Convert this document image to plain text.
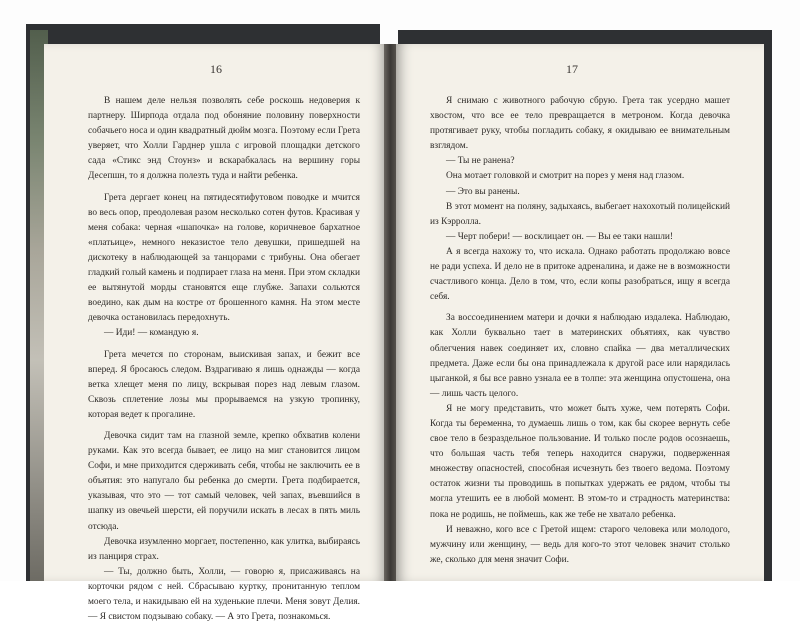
16

В нашем деле нельзя позволять себе роскошь недоверия к партнеру. Ширпода отдала под обоняние половину поверхности собачьего носа и один квадратный дюйм мозга. Поэтому если Грета уверяет, что Холли Гарднер ушла с игровой площадки детского сада «Стикс энд Стоунз» и вскарабкалась на вершину горы Десепшн, то я должна полезть туда и найти ребенка.

Грета дергает конец на пятидесятифутовом поводке и мчится во весь опор, преодолевая разом несколько сотен футов. Красивая у меня собака: черная «шапочка» на голове, коричневое бархатное «платьице», немного неказистое тело девушки, пришедшей на дискотеку в наблюдающей за танцорами с трибуны. Она обегает гладкий голый камень и подпирает глаза на меня. При этом складки ее вытянутой морды становятся еще глубже. Запахи сольются воедино, как дым на костре от брошенного камня. На этом месте девочка остановилась передохнуть.

— Иди! — командую я.

Грета мечется по сторонам, выискивая запах, и бежит все вперед. Я бросаюсь следом. Вздрагиваю я лишь однажды — когда ветка хлещет меня по лицу, вскрывая порез над левым глазом. Сквозь сплетение лозы мы прорываемся на узкую тропинку, которая ведет к прогалине.

Девочка сидит там на глазной земле, крепко обхватив колени руками. Как это всегда бывает, ее лицо на миг становится лицом Софи, и мне приходится сдерживать себя, чтобы не заключить ее в объятия: это напугало бы ребенка до смерти. Грета подбирается, указывая, что это — тот самый человек, чей запах, въевшийся в шапку из овечьей шерсти, ей поручили искать в лесах в пять миль отсюда.

Девочка изумленно моргает, постепенно, как улитка, выбираясь из панциря страх.

— Ты, должно быть, Холли, — говорю я, присаживаясь на корточки рядом с ней. Сбрасываю куртку, пронитанную теплом моего тела, и накидываю ей на худенькие плечи. Меня зовут Делия. — Я свистом подзываю собаку. — А это Грета, познакомься.

17

Я снимаю с животного рабочую сбрую. Грета так усердно машет хвостом, что все ее тело превращается в метроном. Когда девочка протягивает руку, чтобы погладить собаку, я окидываю ее внимательным взглядом.

— Ты не ранена?

Она мотает головкой и смотрит на порез у меня над глазом.

— Это вы ранены.

В этот момент на поляну, задыхаясь, выбегает нахохотый полицейский из Кэрролла.

— Черт побери! — восклицает он. — Вы ее таки нашли!

А я всегда нахожу то, что искала. Однако работать продолжаю вовсе не ради успеха. И дело не в притоке адреналина, и даже не в возможности счастливого конца. Дело в том, что, если копы разобраться, ищу я всегда себя.

За воссоединением матери и дочки я наблюдаю издалека. Наблюдаю, как Холли буквально тает в материнских объятиях, как чувство облегчения навек соединяет их, словно спайка — два металлических предмета. Даже если бы она принадлежала к другой расе или нарядилась цыганкой, я бы все равно узнала ее в толпе: эта женщина опустошена, она — лишь часть целого.

Я не могу представить, что может быть хуже, чем потерять Софи. Когда ты беременна, то думаешь лишь о том, как бы скорее вернуть себе свое тело в безраздельное пользование. И только после родов осознаешь, что большая часть тебя теперь находится снаружи, подверженная множеству опасностей, способная исчезнуть без твоего ведома. Поэтому остаток жизни ты проводишь в попытках удержать ее рядом, чтобы ты могла утешить ее в любой момент. В этом-то и страдность материнства: пока не родишь, не поймешь, как же тебе не хватало ребенка.

И неважно, кого все с Гретой ищем: старого человека или молодого, мужчину или женщину, — ведь для кого-то этот человек значит столько же, сколько для меня значит Софи.
